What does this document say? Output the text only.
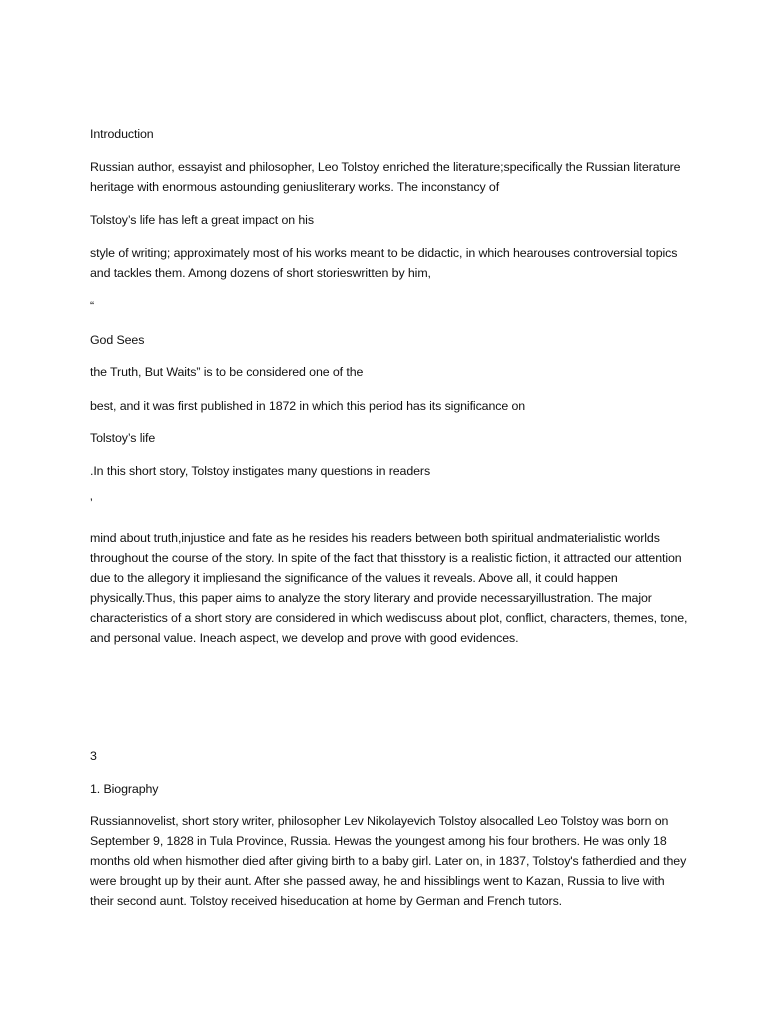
Introduction
Russian author, essayist and philosopher, Leo Tolstoy enriched the literature;specifically the Russian literature heritage with enormous astounding geniusliterary works. The inconstancy of
Tolstoy’s life has left a great impact on his
style of writing; approximately most of his works meant to be didactic, in which hearouses controversial topics and tackles them. Among dozens of short storieswritten by him,
“
God Sees
the Truth, But Waits” is to be considered one of the
best, and it was first published in 1872 in which this period has its significance on
Tolstoy’s life
.In this short story, Tolstoy instigates many questions in readers
’
mind about truth,injustice and fate as he resides his readers between both spiritual andmaterialistic worlds throughout the course of the story. In spite of the fact that thisstory is a realistic fiction, it attracted our attention due to the allegory it impliesand the significance of the values it reveals. Above all, it could happen physically.Thus, this paper aims to analyze the story literary and provide necessaryillustration. The major characteristics of a short story are considered in which wediscuss about plot, conflict, characters, themes, tone, and personal value. Ineach aspect, we develop and prove with good evidences.
3
1. Biography
Russiannovelist, short story writer, philosopher Lev Nikolayevich Tolstoy alsocalled Leo Tolstoy was born on September 9, 1828 in Tula Province, Russia. Hewas the youngest among his four brothers. He was only 18 months old when hismother died after giving birth to a baby girl. Later on, in 1837, Tolstoy's fatherdied and they were brought up by their aunt. After she passed away, he and hissiblings went to Kazan, Russia to live with their second aunt. Tolstoy received hiseducation at home by German and French tutors.
